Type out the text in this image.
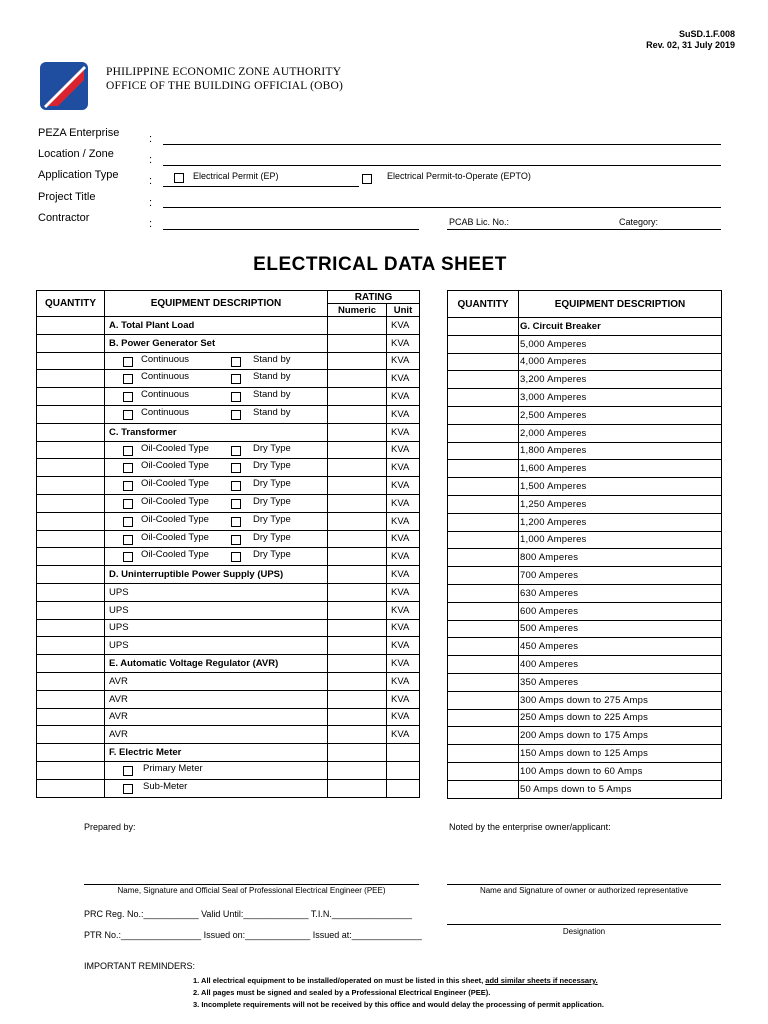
SuSD.1.F.008
Rev. 02, 31 July 2019
PHILIPPINE ECONOMIC ZONE AUTHORITY
OFFICE OF THE BUILDING OFFICIAL (OBO)
PEZA Enterprise	:
Location / Zone	:
Application Type	:	Electrical Permit (EP)	Electrical Permit-to-Operate (EPTO)
Project Title	:
Contractor	:	PCAB Lic. No.:	Category:
ELECTRICAL DATA SHEET
QUANTITY	EQUIPMENT DESCRIPTION	RATING	
		Numeric	Unit
	A. Total Plant Load		KVA
	B. Power Generator Set		KVA

	Continuous Stand by		KVA

	Continuous Stand by		KVA

	Continuous Stand by		KVA

	Continuous Stand by		KVA
	C. Transformer		KVA

	Oil-Cooled Type Dry Type		KVA

	Oil-Cooled Type Dry Type		KVA

	Oil-Cooled Type Dry Type		KVA

	Oil-Cooled Type Dry Type		KVA

	Oil-Cooled Type Dry Type		KVA

	Oil-Cooled Type Dry Type		KVA

	Oil-Cooled Type Dry Type		KVA
	D. Uninterruptible Power Supply (UPS)		KVA
	UPS		KVA
	UPS		KVA
	UPS		KVA
	UPS		KVA
	E. Automatic Voltage Regulator (AVR)		KVA
	AVR		KVA
	AVR		KVA
	AVR		KVA
	AVR		KVA
	F. Electric Meter		

	Primary Meter		

	Sub-Meter		

QUANTITY	EQUIPMENT DESCRIPTION
	G. Circuit Breaker
	5,000 Amperes
	4,000 Amperes
	3,200 Amperes
	3,000 Amperes
	2,500 Amperes
	2,000 Amperes
	1,800 Amperes
	1,600 Amperes
	1,500 Amperes
	1,250 Amperes
	1,200 Amperes
	1,000 Amperes
	800 Amperes
	700 Amperes
	630 Amperes
	600 Amperes
	500 Amperes
	450 Amperes
	400 Amperes
	350 Amperes
	300 Amps down to 275 Amps
	250 Amps down to 225 Amps
	200 Amps down to 175 Amps
	150 Amps down to 125 Amps
	100 Amps down to 60 Amps
	50 Amps down to 5 Amps
Prepared by:	Noted by the enterprise owner/applicant:
Name, Signature and Official Seal of Professional Electrical Engineer (PEE)	Name and Signature of owner or authorized representative
PRC Reg. No.:___________ Valid Until:_____________ T.I.N.________________
PTR No.:________________ Issued on:_____________ Issued at:______________	Designation
IMPORTANT REMINDERS:
1. All electrical equipment to be installed/operated on must be listed in this sheet, add similar sheets if necessary.
2. All pages must be signed and sealed by a Professional Electrical Engineer (PEE).
3. Incomplete requirements will not be received by this office and would delay the processing of permit application.
